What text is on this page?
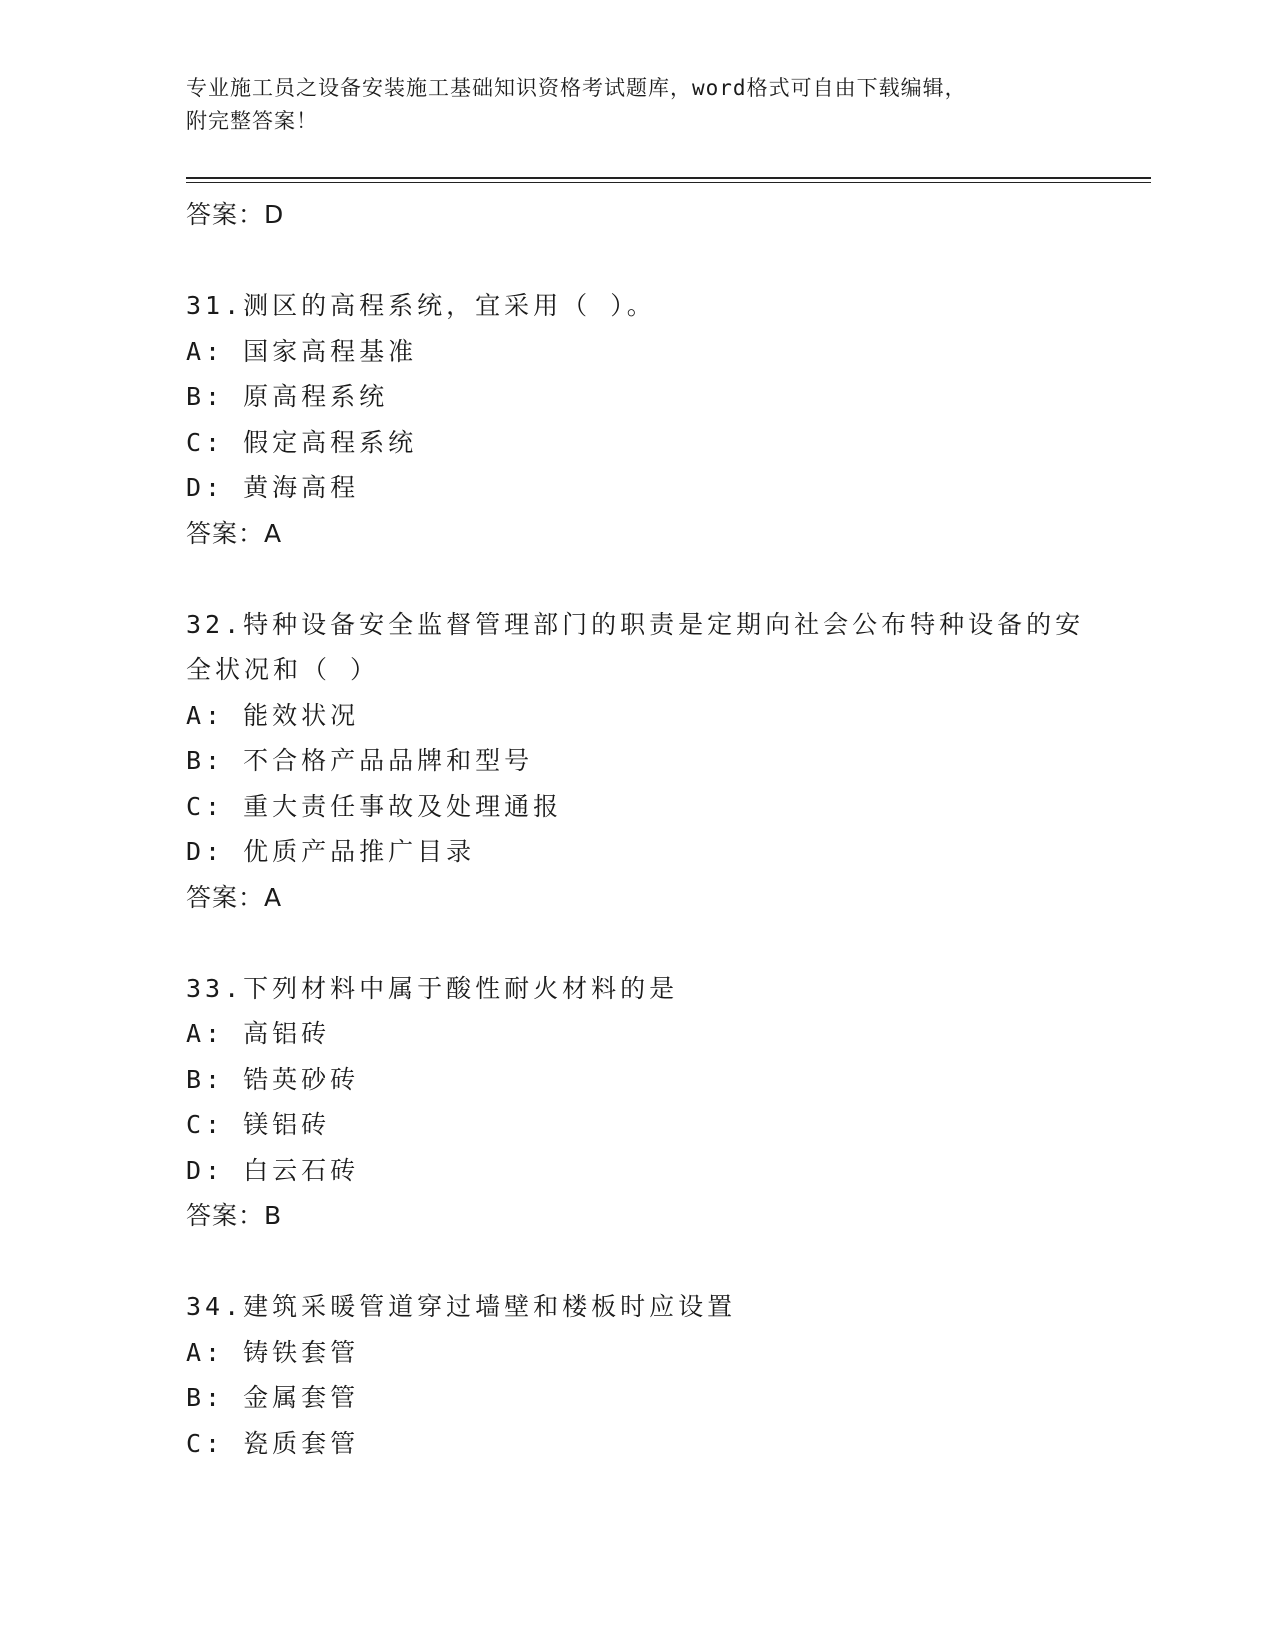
专业施工员之设备安装施工基础知识资格考试题库，word格式可自由下载编辑，
附完整答案！
答案：D
31.测区的高程系统，宜采用（ ）。
A: 国家高程基准
B: 原高程系统
C: 假定高程系统
D: 黄海高程
答案：A
32.特种设备安全监督管理部门的职责是定期向社会公布特种设备的安
全状况和（ ）
A: 能效状况
B: 不合格产品品牌和型号
C: 重大责任事故及处理通报
D: 优质产品推广目录
答案：A
33.下列材料中属于酸性耐火材料的是
A: 高铝砖
B: 锆英砂砖
C: 镁铝砖
D: 白云石砖
答案：B
34.建筑采暖管道穿过墙壁和楼板时应设置
A: 铸铁套管
B: 金属套管
C: 瓷质套管
